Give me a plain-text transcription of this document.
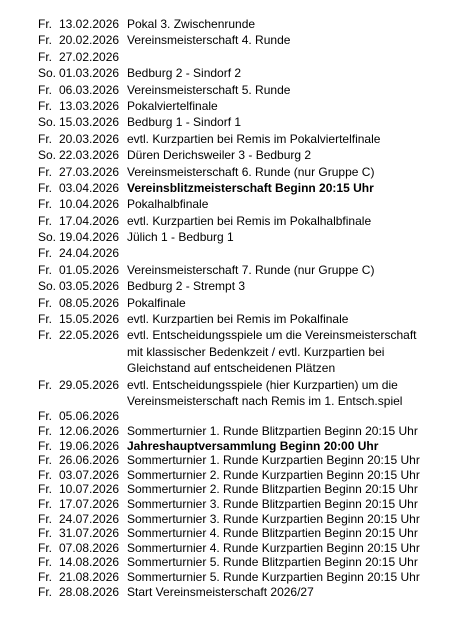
Fr. 13.02.2026 Pokal 3. Zwischenrunde
Fr. 20.02.2026 Vereinsmeisterschaft 4. Runde
Fr. 27.02.2026
So. 01.03.2026 Bedburg 2 - Sindorf 2
Fr. 06.03.2026 Vereinsmeisterschaft 5. Runde
Fr. 13.03.2026 Pokalviertelfinale
So. 15.03.2026 Bedburg 1 - Sindorf 1
Fr. 20.03.2026 evtl. Kurzpartien bei Remis im Pokalviertelfinale
So. 22.03.2026 Düren Derichsweiler 3 - Bedburg 2
Fr. 27.03.2026 Vereinsmeisterschaft 6. Runde (nur Gruppe C)
Fr. 03.04.2026 Vereinsblitzmeisterschaft Beginn 20:15 Uhr
Fr. 10.04.2026 Pokalhalbfinale
Fr. 17.04.2026 evtl. Kurzpartien bei Remis im Pokalhalbfinale
So. 19.04.2026 Jülich 1 - Bedburg 1
Fr. 24.04.2026
Fr. 01.05.2026 Vereinsmeisterschaft 7. Runde (nur Gruppe C)
So. 03.05.2026 Bedburg 2 - Strempt 3
Fr. 08.05.2026 Pokalfinale
Fr. 15.05.2026 evtl. Kurzpartien bei Remis im Pokalfinale
Fr. 22.05.2026 evtl. Entscheidungsspiele um die Vereinsmeisterschaft
mit klassischer Bedenkzeit / evtl. Kurzpartien bei
Gleichstand auf entscheidenen Plätzen
Fr. 29.05.2026 evtl. Entscheidungsspiele (hier Kurzpartien) um die
Vereinsmeisterschaft nach Remis im 1. Entsch.spiel
Fr. 05.06.2026
Fr. 12.06.2026 Sommerturnier 1. Runde Blitzpartien Beginn 20:15 Uhr
Fr. 19.06.2026 Jahreshauptversammlung Beginn 20:00 Uhr
Fr. 26.06.2026 Sommerturnier 1. Runde Kurzpartien Beginn 20:15 Uhr
Fr. 03.07.2026 Sommerturnier 2. Runde Kurzpartien Beginn 20:15 Uhr
Fr. 10.07.2026 Sommerturnier 2. Runde Blitzpartien Beginn 20:15 Uhr
Fr. 17.07.2026 Sommerturnier 3. Runde Blitzpartien Beginn 20:15 Uhr
Fr. 24.07.2026 Sommerturnier 3. Runde Kurzpartien Beginn 20:15 Uhr
Fr. 31.07.2026 Sommerturnier 4. Runde Blitzpartien Beginn 20:15 Uhr
Fr. 07.08.2026 Sommerturnier 4. Runde Kurzpartien Beginn 20:15 Uhr
Fr. 14.08.2026 Sommerturnier 5. Runde Blitzpartien Beginn 20:15 Uhr
Fr. 21.08.2026 Sommerturnier 5. Runde Kurzpartien Beginn 20:15 Uhr
Fr. 28.08.2026 Start Vereinsmeisterschaft 2026/27
